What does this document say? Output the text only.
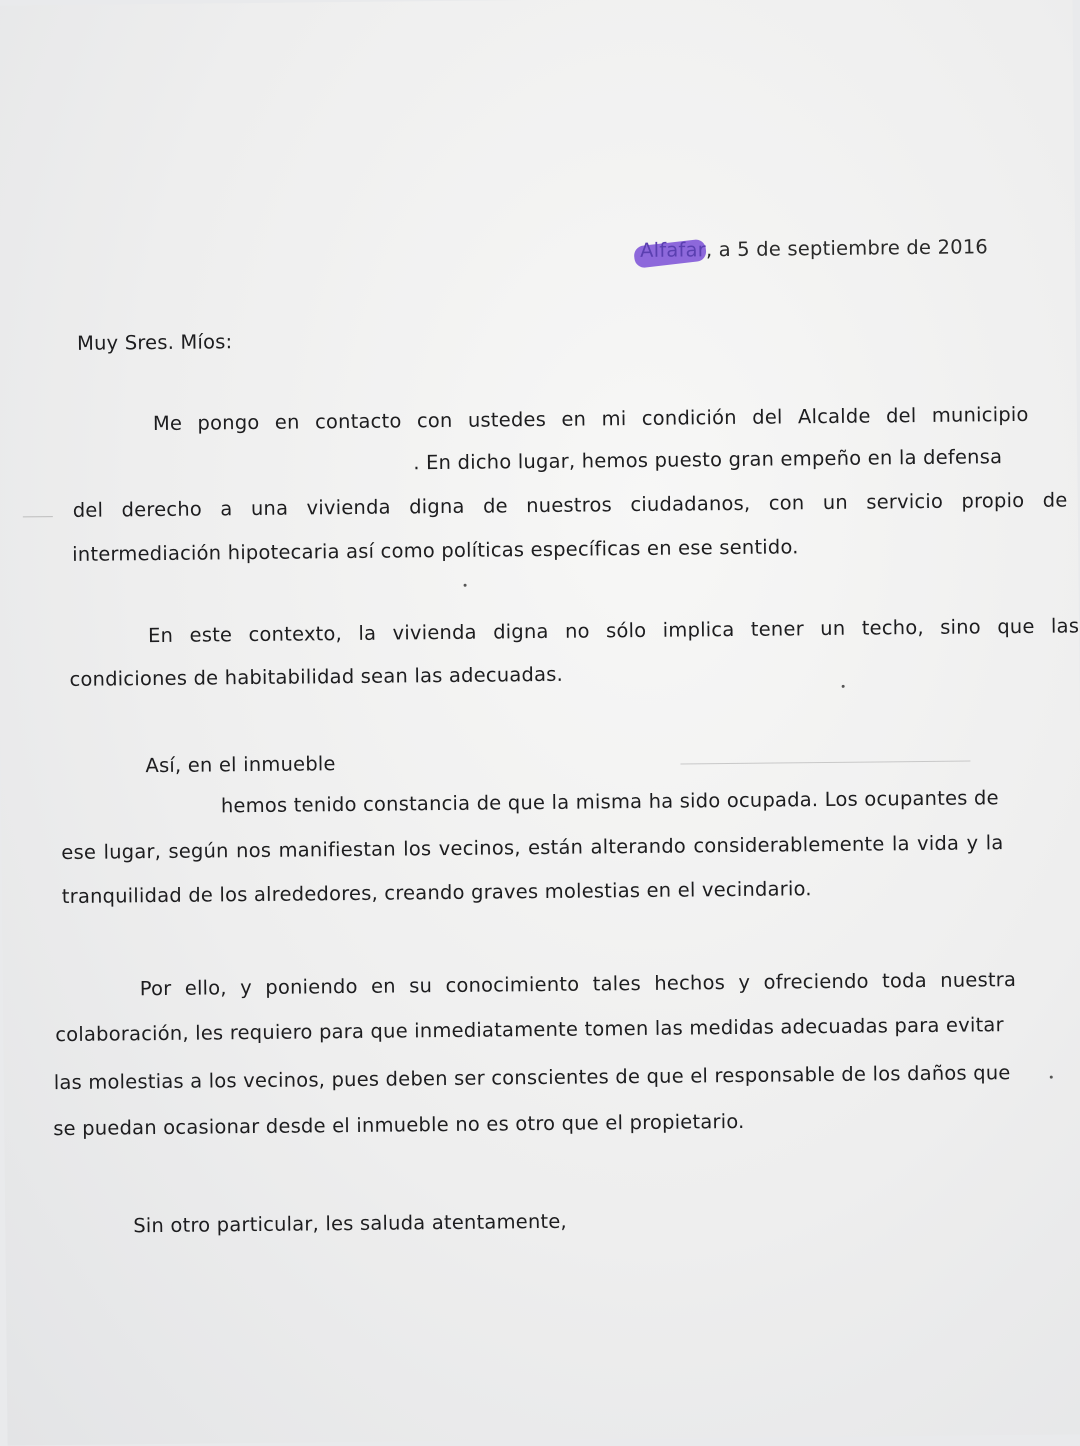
Alfafar, a 5 de septiembre de 2016

Muy Sres. Míos:

Me pongo en contacto con ustedes en mi condición del Alcalde del municipio

. En dicho lugar, hemos puesto gran empeño en la defensa

del derecho a una vivienda digna de nuestros ciudadanos, con un servicio propio de

intermediación hipotecaria así como políticas específicas en ese sentido.

En este contexto, la vivienda digna no sólo implica tener un techo, sino que las

condiciones de habitabilidad sean las adecuadas.

Así, en el inmueble

hemos tenido constancia de que la misma ha sido ocupada. Los ocupantes de

ese lugar, según nos manifiestan los vecinos, están alterando considerablemente la vida y la

tranquilidad de los alrededores, creando graves molestias en el vecindario.

Por ello, y poniendo en su conocimiento tales hechos y ofreciendo toda nuestra

colaboración, les requiero para que inmediatamente tomen las medidas adecuadas para evitar

las molestias a los vecinos, pues deben ser conscientes de que el responsable de los daños que

se puedan ocasionar desde el inmueble no es otro que el propietario.

Sin otro particular, les saluda atentamente,
